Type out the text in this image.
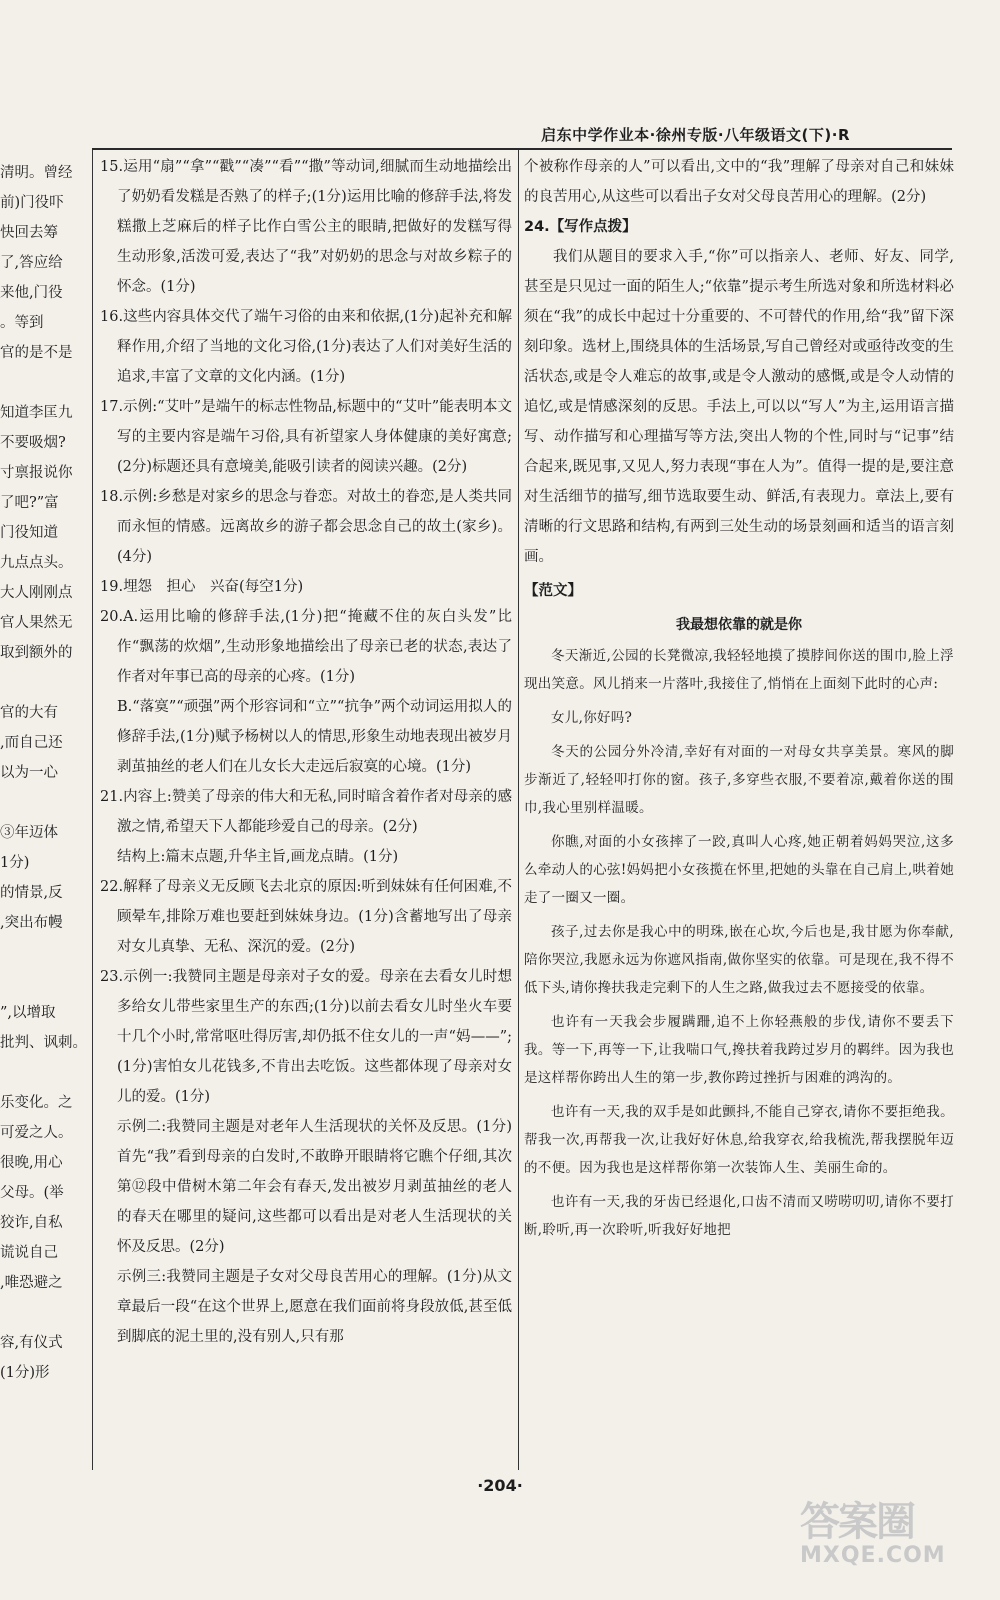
启东中学作业本·徐州专版·八年级语文(下)·R
清明。曾经
前)门役吓
快回去筹
了,答应给
来他,门役
。等到
官的是不是
知道李匡九
不要吸烟?
寸禀报说你
了吧?”富
门役知道
九点点头。
大人刚刚点
官人果然无
取到额外的
官的大有
,而自己还
以为一心
③年迈体
1分)
的情景,反
,突出布幔
”,以增取
批判、讽刺。
乐变化。之
可爱之人。
很晚,用心
父母。(举
狡诈,自私
谎说自己
,唯恐避之
容,有仪式
(1分)形

15.运用“扇”“拿”“戳”“凑”“看”“撒”等动词,细腻而生动地描绘出了奶奶看发糕是否熟了的样子;(1分)运用比喻的修辞手法,将发糕撒上芝麻后的样子比作白雪公主的眼睛,把做好的发糕写得生动形象,活泼可爱,表达了“我”对奶奶的思念与对故乡粽子的怀念。(1分)

16.这些内容具体交代了端午习俗的由来和依据,(1分)起补充和解释作用,介绍了当地的文化习俗,(1分)表达了人们对美好生活的追求,丰富了文章的文化内涵。(1分)

17.示例:“艾叶”是端午的标志性物品,标题中的“艾叶”能表明本文写的主要内容是端午习俗,具有祈望家人身体健康的美好寓意;(2分)标题还具有意境美,能吸引读者的阅读兴趣。(2分)

18.示例:乡愁是对家乡的思念与眷恋。对故土的眷恋,是人类共同而永恒的情感。远离故乡的游子都会思念自己的故土(家乡)。(4分)

19.埋怨　担心　兴奋(每空1分)

20.A.运用比喻的修辞手法,(1分)把“掩藏不住的灰白头发”比作“飘荡的炊烟”,生动形象地描绘出了母亲已老的状态,表达了作者对年事已高的母亲的心疼。(1分)

B.“落寞”“顽强”两个形容词和“立”“抗争”两个动词运用拟人的修辞手法,(1分)赋予杨树以人的情思,形象生动地表现出被岁月剥茧抽丝的老人们在儿女长大走远后寂寞的心境。(1分)

21.内容上:赞美了母亲的伟大和无私,同时暗含着作者对母亲的感激之情,希望天下人都能珍爱自己的母亲。(2分)

结构上:篇末点题,升华主旨,画龙点睛。(1分)

22.解释了母亲义无反顾飞去北京的原因:听到妹妹有任何困难,不顾晕车,排除万难也要赶到妹妹身边。(1分)含蓄地写出了母亲对女儿真挚、无私、深沉的爱。(2分)

23.示例一:我赞同主题是母亲对子女的爱。母亲在去看女儿时想多给女儿带些家里生产的东西;(1分)以前去看女儿时坐火车要十几个小时,常常呕吐得厉害,却仍抵不住女儿的一声“妈——”;(1分)害怕女儿花钱多,不肯出去吃饭。这些都体现了母亲对女儿的爱。(1分)

示例二:我赞同主题是对老年人生活现状的关怀及反思。(1分)首先“我”看到母亲的白发时,不敢睁开眼睛将它瞧个仔细,其次第⑫段中借树木第二年会有春天,发出被岁月剥茧抽丝的老人的春天在哪里的疑问,这些都可以看出是对老人生活现状的关怀及反思。(2分)

示例三:我赞同主题是子女对父母良苦用心的理解。(1分)从文章最后一段“在这个世界上,愿意在我们面前将身段放低,甚至低到脚底的泥土里的,没有别人,只有那

个被称作母亲的人”可以看出,文中的“我”理解了母亲对自己和妹妹的良苦用心,从这些可以看出子女对父母良苦用心的理解。(2分)

24.【写作点拨】

我们从题目的要求入手,“你”可以指亲人、老师、好友、同学,甚至是只见过一面的陌生人;“依靠”提示考生所选对象和所选材料必须在“我”的成长中起过十分重要的、不可替代的作用,给“我”留下深刻印象。选材上,围绕具体的生活场景,写自己曾经对或亟待改变的生活状态,或是令人难忘的故事,或是令人激动的感慨,或是令人动情的追忆,或是情感深刻的反思。手法上,可以以“写人”为主,运用语言描写、动作描写和心理描写等方法,突出人物的个性,同时与“记事”结合起来,既见事,又见人,努力表现“事在人为”。值得一提的是,要注意对生活细节的描写,细节选取要生动、鲜活,有表现力。章法上,要有清晰的行文思路和结构,有两到三处生动的场景刻画和适当的语言刻画。

【范文】

我最想依靠的就是你

冬天渐近,公园的长凳微凉,我轻轻地摸了摸脖间你送的围巾,脸上浮现出笑意。风儿捎来一片落叶,我接住了,悄悄在上面刻下此时的心声:

女儿,你好吗?

冬天的公园分外冷清,幸好有对面的一对母女共享美景。寒风的脚步渐近了,轻轻叩打你的窗。孩子,多穿些衣服,不要着凉,戴着你送的围巾,我心里别样温暖。

你瞧,对面的小女孩摔了一跤,真叫人心疼,她正朝着妈妈哭泣,这多么牵动人的心弦!妈妈把小女孩揽在怀里,把她的头靠在自己肩上,哄着她走了一圈又一圈。

孩子,过去你是我心中的明珠,嵌在心坎,今后也是,我甘愿为你奉献,陪你哭泣,我愿永远为你遮风指南,做你坚实的依靠。可是现在,我不得不低下头,请你搀扶我走完剩下的人生之路,做我过去不愿接受的依靠。

也许有一天我会步履蹒跚,追不上你轻燕般的步伐,请你不要丢下我。等一下,再等一下,让我喘口气,搀扶着我跨过岁月的羁绊。因为我也是这样帮你跨出人生的第一步,教你跨过挫折与困难的鸿沟的。

也许有一天,我的双手是如此颤抖,不能自己穿衣,请你不要拒绝我。帮我一次,再帮我一次,让我好好休息,给我穿衣,给我梳洗,帮我摆脱年迈的不便。因为我也是这样帮你第一次装饰人生、美丽生命的。

也许有一天,我的牙齿已经退化,口齿不清而又唠唠叨叨,请你不要打断,聆听,再一次聆听,听我好好地把

·204·
答案圈
MXQE.COM
